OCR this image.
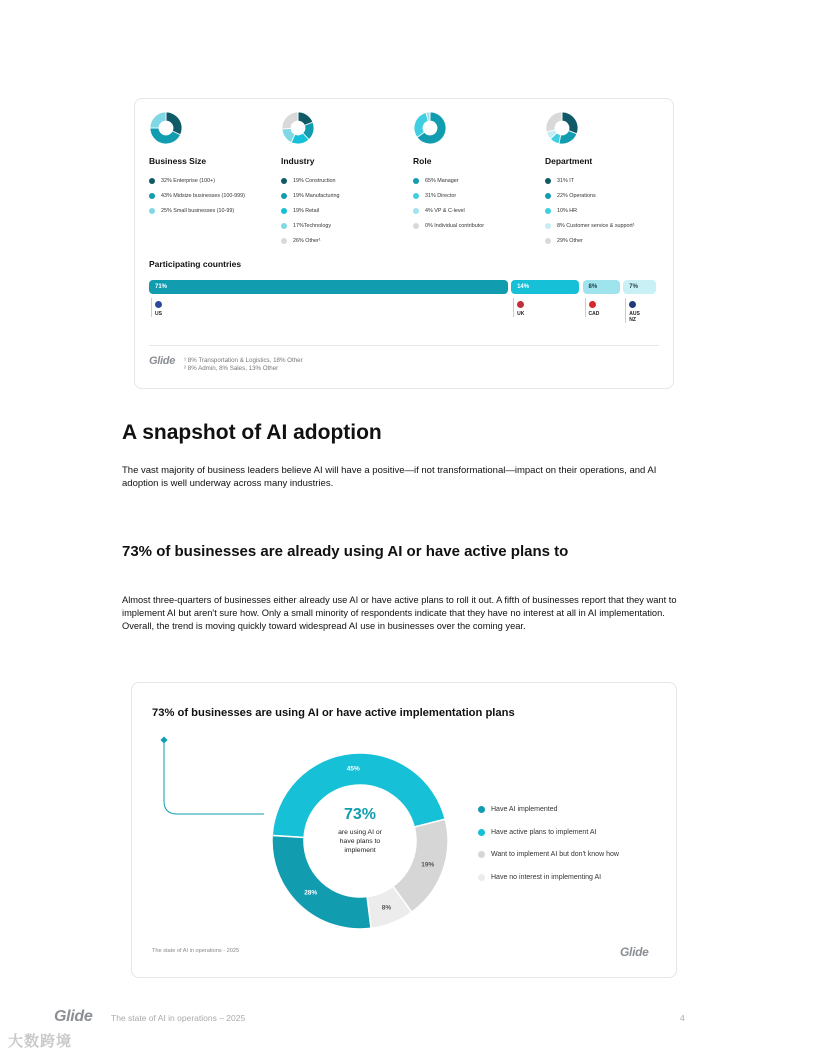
Business Size
32% Enterprise (100+)
43% Midsize businesses (100-999)
25% Small businesses (10-99)
Industry
19% Construction
19% Manufacturing
19% Retail
17%Technology
26% Other¹
Role
65% Manager
31% Director
4% VP & C-level
0% Individual contributor
Department
31% IT
22% Operations
10% HR
8% Customer service & support¹
29% Other
Participating countries
71%
US
14%
UK
8%
CAD
7%
AUS
NZ
Glide ¹ 8% Transportation & Logistics, 18% Other
² 8% Admin, 8% Sales, 13% Other
A snapshot of AI adoption

The vast majority of business leaders believe AI will have a positive—if not transformational—impact on their operations, and AI adoption is well underway across many industries.

73% of businesses are already using AI or have active plans to

Almost three-quarters of businesses either already use AI or have active plans to roll it out. A fifth of businesses report that they want to implement AI but aren't sure how. Only a small minority of respondents indicate that they have no interest at all in AI implementation. Overall, the trend is moving quickly toward widespread AI use in businesses over the coming year.

73% of businesses are using AI or have active implementation plans
45%
19%
8%
28%
73%
are using AI or have plans to implement
Have AI implemented
Have active plans to implement AI
Want to implement AI but don't know how
Have no interest in implementing AI
The state of AI in operations - 2025	Glide
Glide The state of AI in operations – 2025	4
大数跨境
